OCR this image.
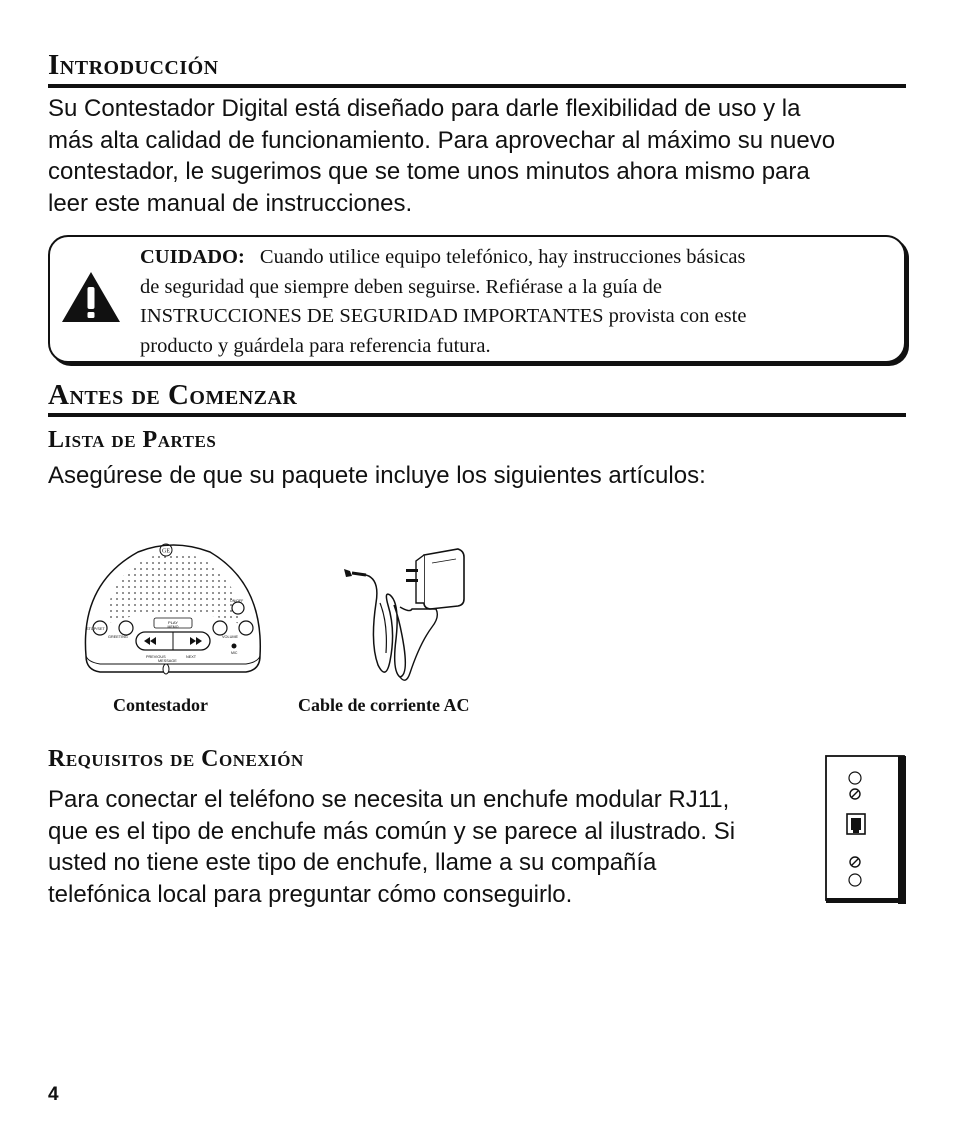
Introducción
Su Contestador Digital está diseñado para darle flexibilidad de uso y la
más alta calidad de funcionamiento. Para aprovechar al máximo su nuevo
contestador, le sugerimos que se tome unos minutos ahora mismo para
leer este manual de instrucciones.
CUIDADO: Cuando utilice equipo telefónico, hay instrucciones básicas
de seguridad que siempre deben seguirse. Refiérase a la guía de
INSTRUCCIONES DE SEGURIDAD IMPORTANTES provista con este
producto y guárdela para referencia futura.
Antes de Comenzar
Lista de Partes
Asegúrese de que su paquete incluye los siguientes artículos:
GE
PLAY
MEMO
PREVIOUS	NEXT
STOP/SET
GREETING	VOLUME
ON/OFF
MIC
MESSAGE
Contestador	Cable de corriente AC
Requisitos de Conexión
Para conectar el teléfono se necesita un enchufe modular RJ11,
que es el tipo de enchufe más común y se parece al ilustrado. Si
usted no tiene este tipo de enchufe, llame a su compañía
telefónica local para preguntar cómo conseguirlo.
4
